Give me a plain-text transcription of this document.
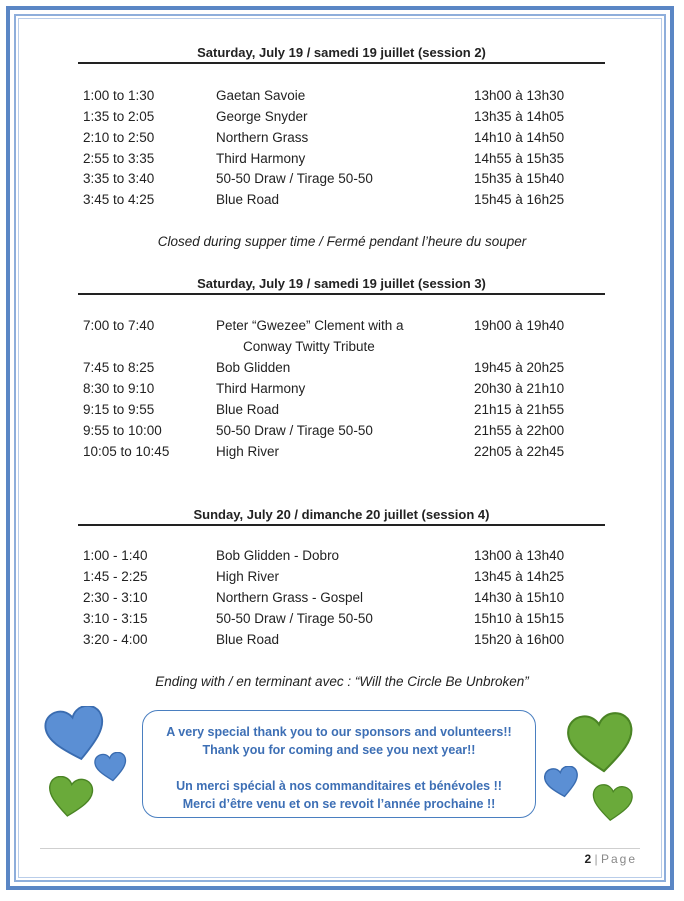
Saturday, July 19 / samedi 19 juillet (session 2)
1:00 to 1:30	Gaetan Savoie	13h00 à 13h30
1:35 to 2:05	George Snyder	13h35 à 14h05
2:10 to 2:50	Northern Grass	14h10 à 14h50
2:55 to 3:35	Third Harmony	14h55 à 15h35
3:35 to 3:40	50-50 Draw / Tirage 50-50	15h35 à 15h40
3:45 to 4:25	Blue Road	15h45 à 16h25
Closed during supper time / Fermé pendant l’heure du souper
Saturday, July 19 / samedi 19 juillet (session 3)
7:00 to 7:40	Peter “Gwezee” Clement with a	19h00 à 19h40
Conway Twitty Tribute
7:45 to 8:25	Bob Glidden	19h45 à 20h25
8:30 to 9:10	Third Harmony	20h30 à 21h10
9:15 to 9:55	Blue Road	21h15 à 21h55
9:55 to 10:00	50-50 Draw / Tirage 50-50	21h55 à 22h00
10:05 to 10:45	High River	22h05 à 22h45
Sunday, July 20 / dimanche 20 juillet (session 4)
1:00 - 1:40	Bob Glidden - Dobro	13h00 à 13h40
1:45 - 2:25	High River	13h45 à 14h25
2:30 - 3:10	Northern Grass - Gospel	14h30 à 15h10
3:10 - 3:15	50-50 Draw / Tirage 50-50	15h10 à 15h15
3:20 - 4:00	Blue Road	15h20 à 16h00
Ending with / en terminant avec : “Will the Circle Be Unbroken”
A very special thank you to our sponsors and volunteers!!
Thank you for coming and see you next year!!
Un merci spécial à nos commanditaires et bénévoles !!
Merci d’être venu et on se revoit l’année prochaine !!
2 | Page
